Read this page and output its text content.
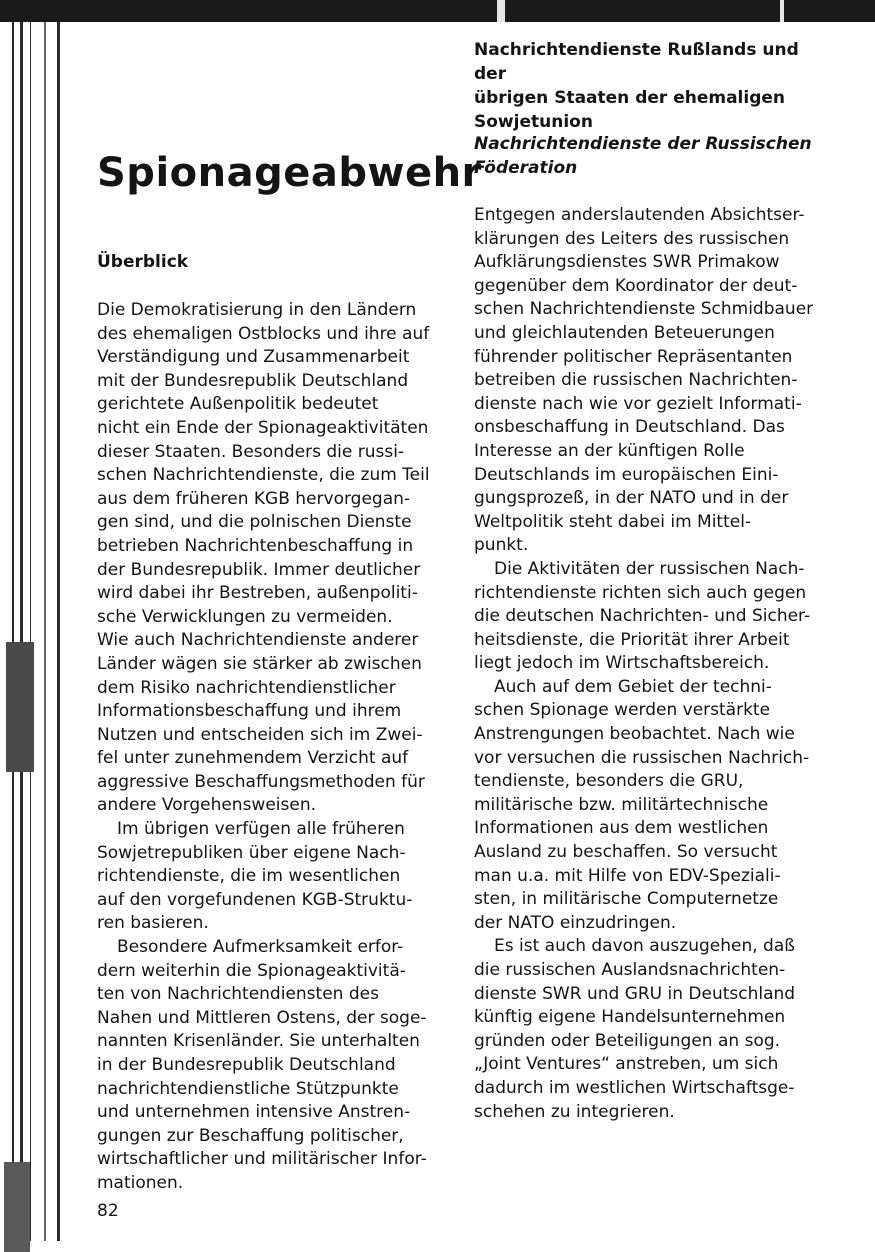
Spionageabwehr
Überblick

Die Demokratisierung in den Ländern
des ehemaligen Ostblocks und ihre auf
Verständigung und Zusammenarbeit
mit der Bundesrepublik Deutschland
gerichtete Außenpolitik bedeutet
nicht ein Ende der Spionageaktivitäten
dieser Staaten. Besonders die russi-
schen Nachrichtendienste, die zum Teil
aus dem früheren KGB hervorgegan-
gen sind, und die polnischen Dienste
betrieben Nachrichtenbeschaffung in
der Bundesrepublik. Immer deutlicher
wird dabei ihr Bestreben, außenpoliti-
sche Verwicklungen zu vermeiden.
Wie auch Nachrichtendienste anderer
Länder wägen sie stärker ab zwischen
dem Risiko nachrichtendienstlicher
Informationsbeschaffung und ihrem
Nutzen und entscheiden sich im Zwei-
fel unter zunehmendem Verzicht auf
aggressive Beschaffungsmethoden für
andere Vorgehensweisen.

Im übrigen verfügen alle früheren
Sowjetrepubliken über eigene Nach-
richtendienste, die im wesentlichen
auf den vorgefundenen KGB-Struktu-
ren basieren.

Besondere Aufmerksamkeit erfor-
dern weiterhin die Spionageaktivitä-
ten von Nachrichtendiensten des
Nahen und Mittleren Ostens, der soge-
nannten Krisenländer. Sie unterhalten
in der Bundesrepublik Deutschland
nachrichtendienstliche Stützpunkte
und unternehmen intensive Anstren-
gungen zur Beschaffung politischer,
wirtschaftlicher und militärischer Infor-
mationen.

Nachrichtendienste Rußlands und der
übrigen Staaten der ehemaligen
Sowjetunion
Nachrichtendienste der Russischen
Föderation

Entgegen anderslautenden Absichtser-
klärungen des Leiters des russischen
Aufklärungsdienstes SWR Primakow
gegenüber dem Koordinator der deut-
schen Nachrichtendienste Schmidbauer
und gleichlautenden Beteuerungen
führender politischer Repräsentanten
betreiben die russischen Nachrichten-
dienste nach wie vor gezielt Informati-
onsbeschaffung in Deutschland. Das
Interesse an der künftigen Rolle
Deutschlands im europäischen Eini-
gungsprozeß, in der NATO und in der
Weltpolitik steht dabei im Mittel-
punkt.

Die Aktivitäten der russischen Nach-
richtendienste richten sich auch gegen
die deutschen Nachrichten- und Sicher-
heitsdienste, die Priorität ihrer Arbeit
liegt jedoch im Wirtschaftsbereich.

Auch auf dem Gebiet der techni-
schen Spionage werden verstärkte
Anstrengungen beobachtet. Nach wie
vor versuchen die russischen Nachrich-
tendienste, besonders die GRU,
militärische bzw. militärtechnische
Informationen aus dem westlichen
Ausland zu beschaffen. So versucht
man u.a. mit Hilfe von EDV-Speziali-
sten, in militärische Computernetze
der NATO einzudringen.

Es ist auch davon auszugehen, daß
die russischen Auslandsnachrichten-
dienste SWR und GRU in Deutschland
künftig eigene Handelsunternehmen
gründen oder Beteiligungen an sog.
„Joint Ventures“ anstreben, um sich
dadurch im westlichen Wirtschaftsge-
schehen zu integrieren.

82
